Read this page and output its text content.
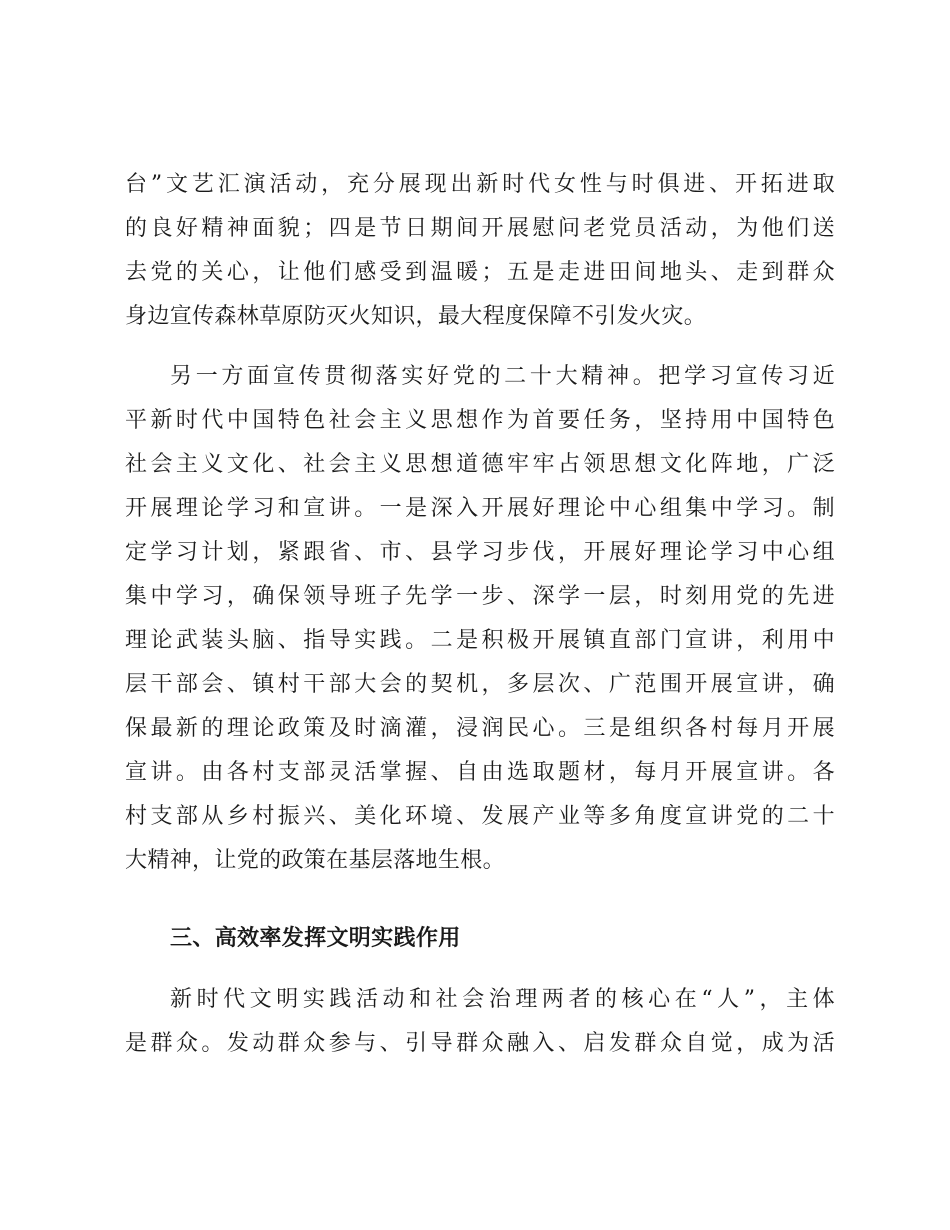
台”文艺汇演活动，充分展现出新时代女性与时俱进、开拓进取
的良好精神面貌；四是节日期间开展慰问老党员活动，为他们送
去党的关心，让他们感受到温暖；五是走进田间地头、走到群众
身边宣传森林草原防灭火知识，最大程度保障不引发火灾。
另一方面宣传贯彻落实好党的二十大精神。把学习宣传习近
平新时代中国特色社会主义思想作为首要任务，坚持用中国特色
社会主义文化、社会主义思想道德牢牢占领思想文化阵地，广泛
开展理论学习和宣讲。一是深入开展好理论中心组集中学习。制
定学习计划，紧跟省、市、县学习步伐，开展好理论学习中心组
集中学习，确保领导班子先学一步、深学一层，时刻用党的先进
理论武装头脑、指导实践。二是积极开展镇直部门宣讲，利用中
层干部会、镇村干部大会的契机，多层次、广范围开展宣讲，确
保最新的理论政策及时滴灌，浸润民心。三是组织各村每月开展
宣讲。由各村支部灵活掌握、自由选取题材，每月开展宣讲。各
村支部从乡村振兴、美化环境、发展产业等多角度宣讲党的二十
大精神，让党的政策在基层落地生根。
三、高效率发挥文明实践作用
新时代文明实践活动和社会治理两者的核心在“人”，主体
是群众。发动群众参与、引导群众融入、启发群众自觉，成为活
